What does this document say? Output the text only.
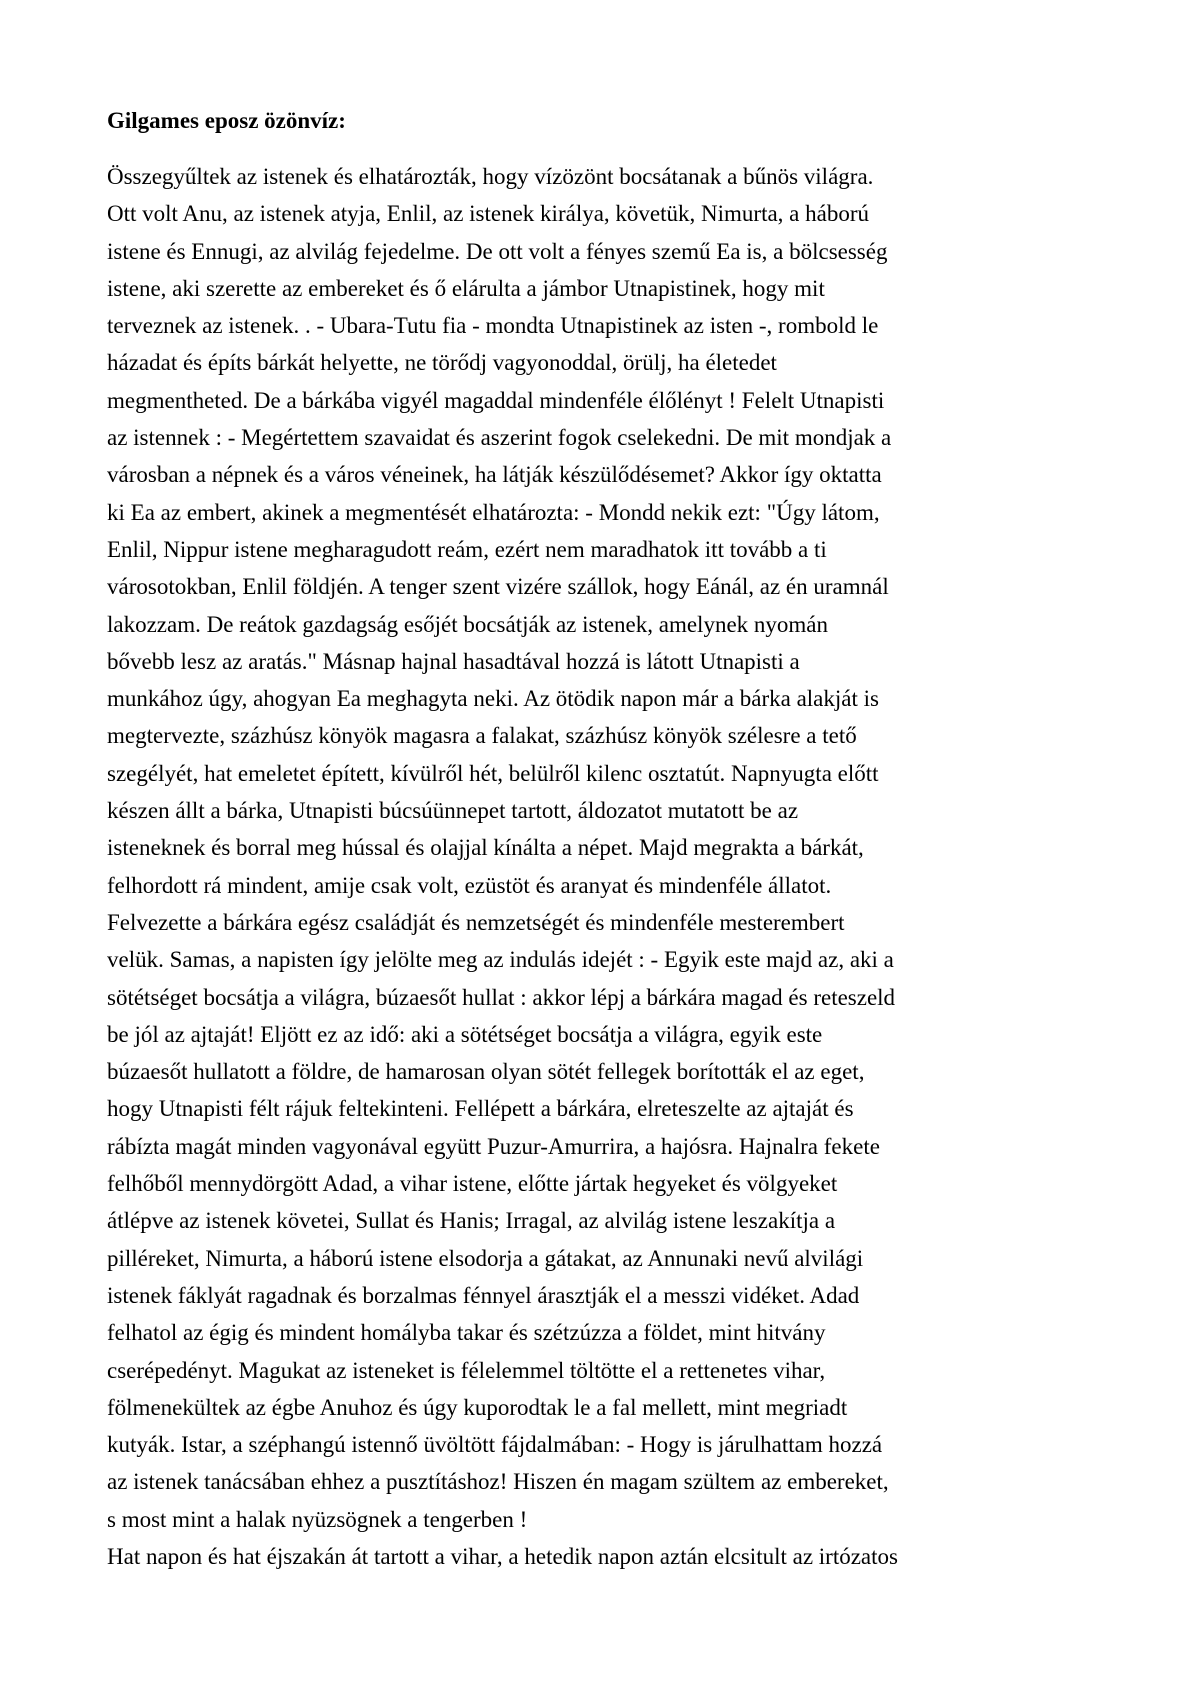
Gilgames eposz özönvíz:
Összegyűltek az istenek és elhatározták, hogy vízözönt bocsátanak a bűnös világra.
Ott volt Anu, az istenek atyja, Enlil, az istenek királya, követük, Nimurta, a háború
istene és Ennugi, az alvilág fejedelme. De ott volt a fényes szemű Ea is, a bölcsesség
istene, aki szerette az embereket és ő elárulta a jámbor Utnapistinek, hogy mit
terveznek az istenek. . - Ubara-Tutu fia - mondta Utnapistinek az isten -, rombold le
házadat és építs bárkát helyette, ne törődj vagyonoddal, örülj, ha életedet
megmentheted. De a bárkába vigyél magaddal mindenféle élőlényt ! Felelt Utnapisti
az istennek : - Megértettem szavaidat és aszerint fogok cselekedni. De mit mondjak a
városban a népnek és a város véneinek, ha látják készülődésemet? Akkor így oktatta
ki Ea az embert, akinek a megmentését elhatározta: - Mondd nekik ezt: "Úgy látom,
Enlil, Nippur istene megharagudott reám, ezért nem maradhatok itt tovább a ti
városotokban, Enlil földjén. A tenger szent vizére szállok, hogy Eánál, az én uramnál
lakozzam. De reátok gazdagság esőjét bocsátják az istenek, amelynek nyomán
bővebb lesz az aratás." Másnap hajnal hasadtával hozzá is látott Utnapisti a
munkához úgy, ahogyan Ea meghagyta neki. Az ötödik napon már a bárka alakját is
megtervezte, százhúsz könyök magasra a falakat, százhúsz könyök szélesre a tető
szegélyét, hat emeletet épített, kívülről hét, belülről kilenc osztatút. Napnyugta előtt
készen állt a bárka, Utnapisti búcsúünnepet tartott, áldozatot mutatott be az
isteneknek és borral meg hússal és olajjal kínálta a népet. Majd megrakta a bárkát,
felhordott rá mindent, amije csak volt, ezüstöt és aranyat és mindenféle állatot.
Felvezette a bárkára egész családját és nemzetségét és mindenféle mesterembert
velük. Samas, a napisten így jelölte meg az indulás idejét : - Egyik este majd az, aki a
sötétséget bocsátja a világra, búzaesőt hullat : akkor lépj a bárkára magad és reteszeld
be jól az ajtaját! Eljött ez az idő: aki a sötétséget bocsátja a világra, egyik este
búzaesőt hullatott a földre, de hamarosan olyan sötét fellegek borították el az eget,
hogy Utnapisti félt rájuk feltekinteni. Fellépett a bárkára, elreteszelte az ajtaját és
rábízta magát minden vagyonával együtt Puzur-Amurrira, a hajósra. Hajnalra fekete
felhőből mennydörgött Adad, a vihar istene, előtte jártak hegyeket és völgyeket
átlépve az istenek követei, Sullat és Hanis; Irragal, az alvilág istene leszakítja a
pilléreket, Nimurta, a háború istene elsodorja a gátakat, az Annunaki nevű alvilági
istenek fáklyát ragadnak és borzalmas fénnyel árasztják el a messzi vidéket. Adad
felhatol az égig és mindent homályba takar és szétzúzza a földet, mint hitvány
cserépedényt. Magukat az isteneket is félelemmel töltötte el a rettenetes vihar,
fölmenekültek az égbe Anuhoz és úgy kuporodtak le a fal mellett, mint megriadt
kutyák. Istar, a széphangú istennő üvöltött fájdalmában: - Hogy is járulhattam hozzá
az istenek tanácsában ehhez a pusztításhoz! Hiszen én magam szültem az embereket,
s most mint a halak nyüzsögnek a tengerben !
Hat napon és hat éjszakán át tartott a vihar, a hetedik napon aztán elcsitult az irtózatos
